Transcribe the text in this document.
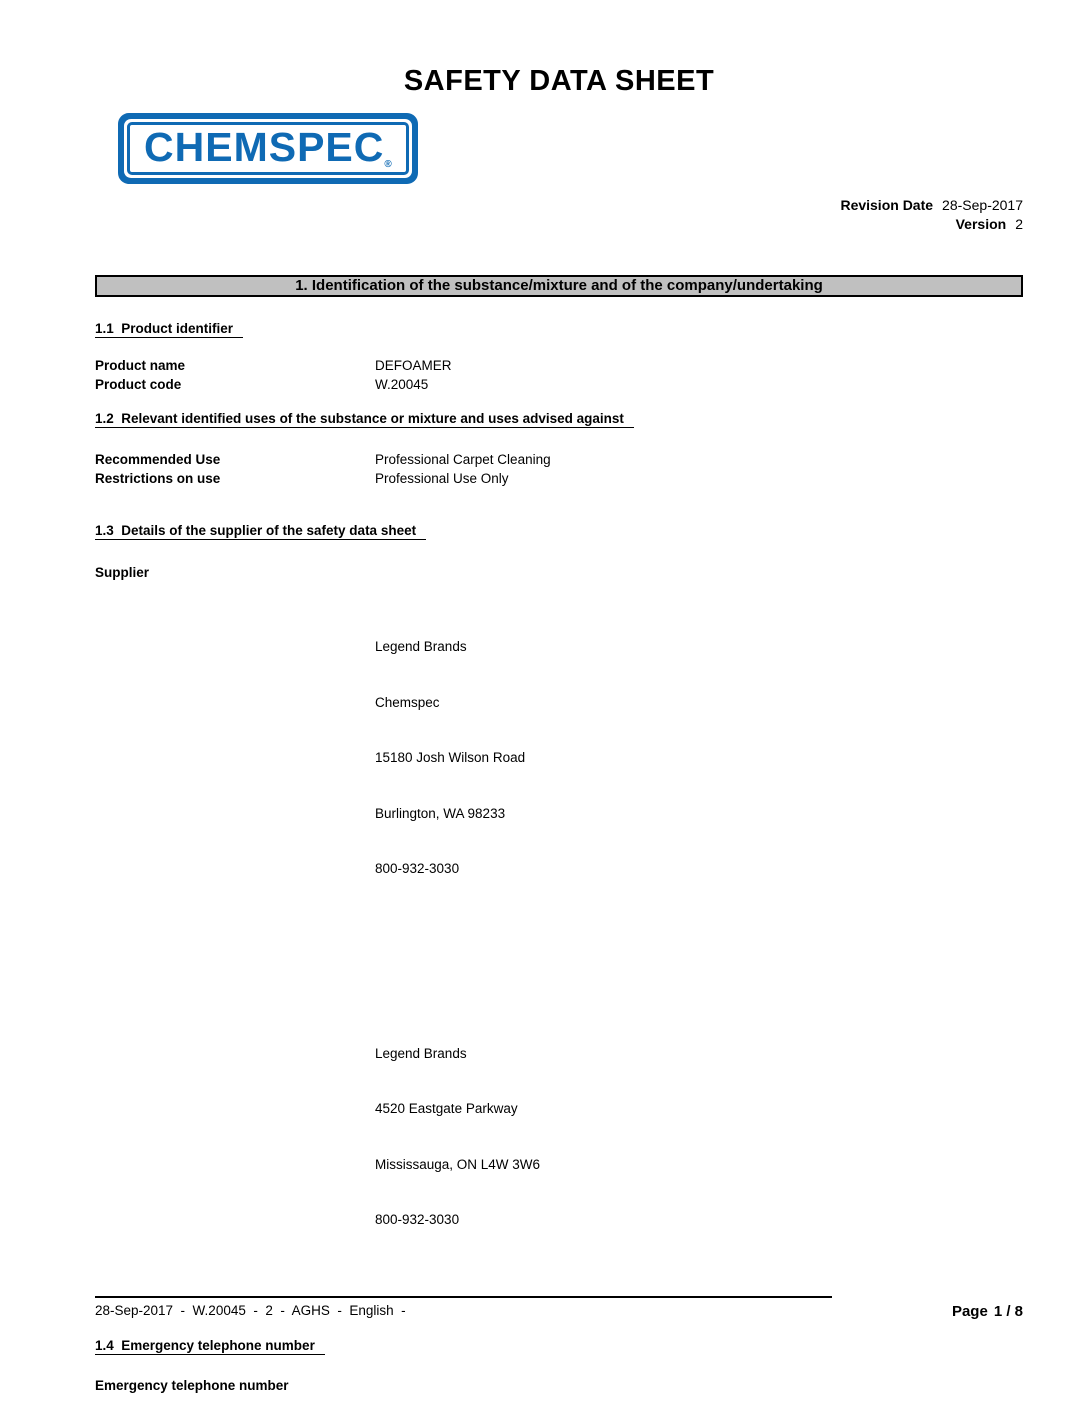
SAFETY DATA SHEET
$CHEMSPEC_®$
Revision Date 28-Sep-2017
Version 2
1. Identification of the substance/mixture and of the company/undertaking
1.1  Product identifier
Product name	DEFOAMER
Product code	W.20045
1.2  Relevant identified uses of the substance or mixture and uses advised against
Recommended Use	Professional Carpet Cleaning
Restrictions on use	Professional Use Only
1.3  Details of the supplier of the safety data sheet
Supplier

Legend Brands

Chemspec

15180 Josh Wilson Road

Burlington, WA 98233

800-932-3030

Legend Brands

4520 Eastgate Parkway

Mississauga, ON L4W 3W6

800-932-3030

1.4  Emergency telephone number
Emergency telephone number

28-Sep-2017  -  W.20045  -  2  -  AGHS  -  English  -	Page 1 / 8
